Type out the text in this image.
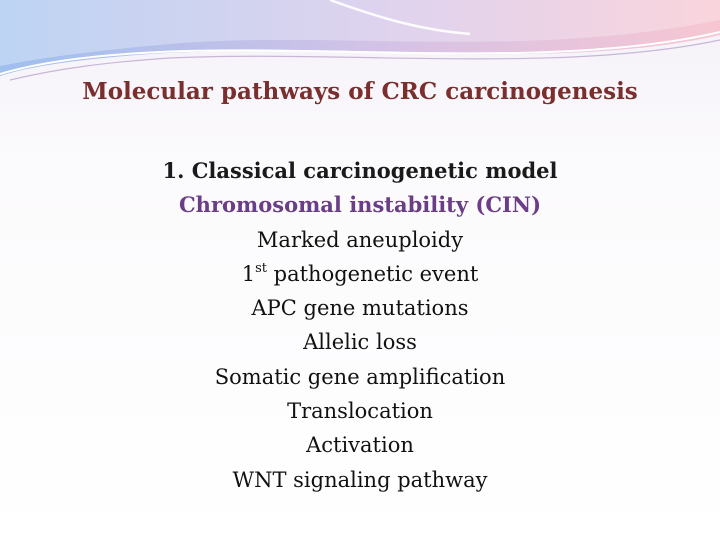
Molecular pathways of CRC carcinogenesis
1. Classical carcinogenetic model
Chromosomal instability (CIN)
Marked aneuploidy
1st pathogenetic event
APC gene mutations
Allelic loss
Somatic gene amplification
Translocation
Activation
WNT signaling pathway
